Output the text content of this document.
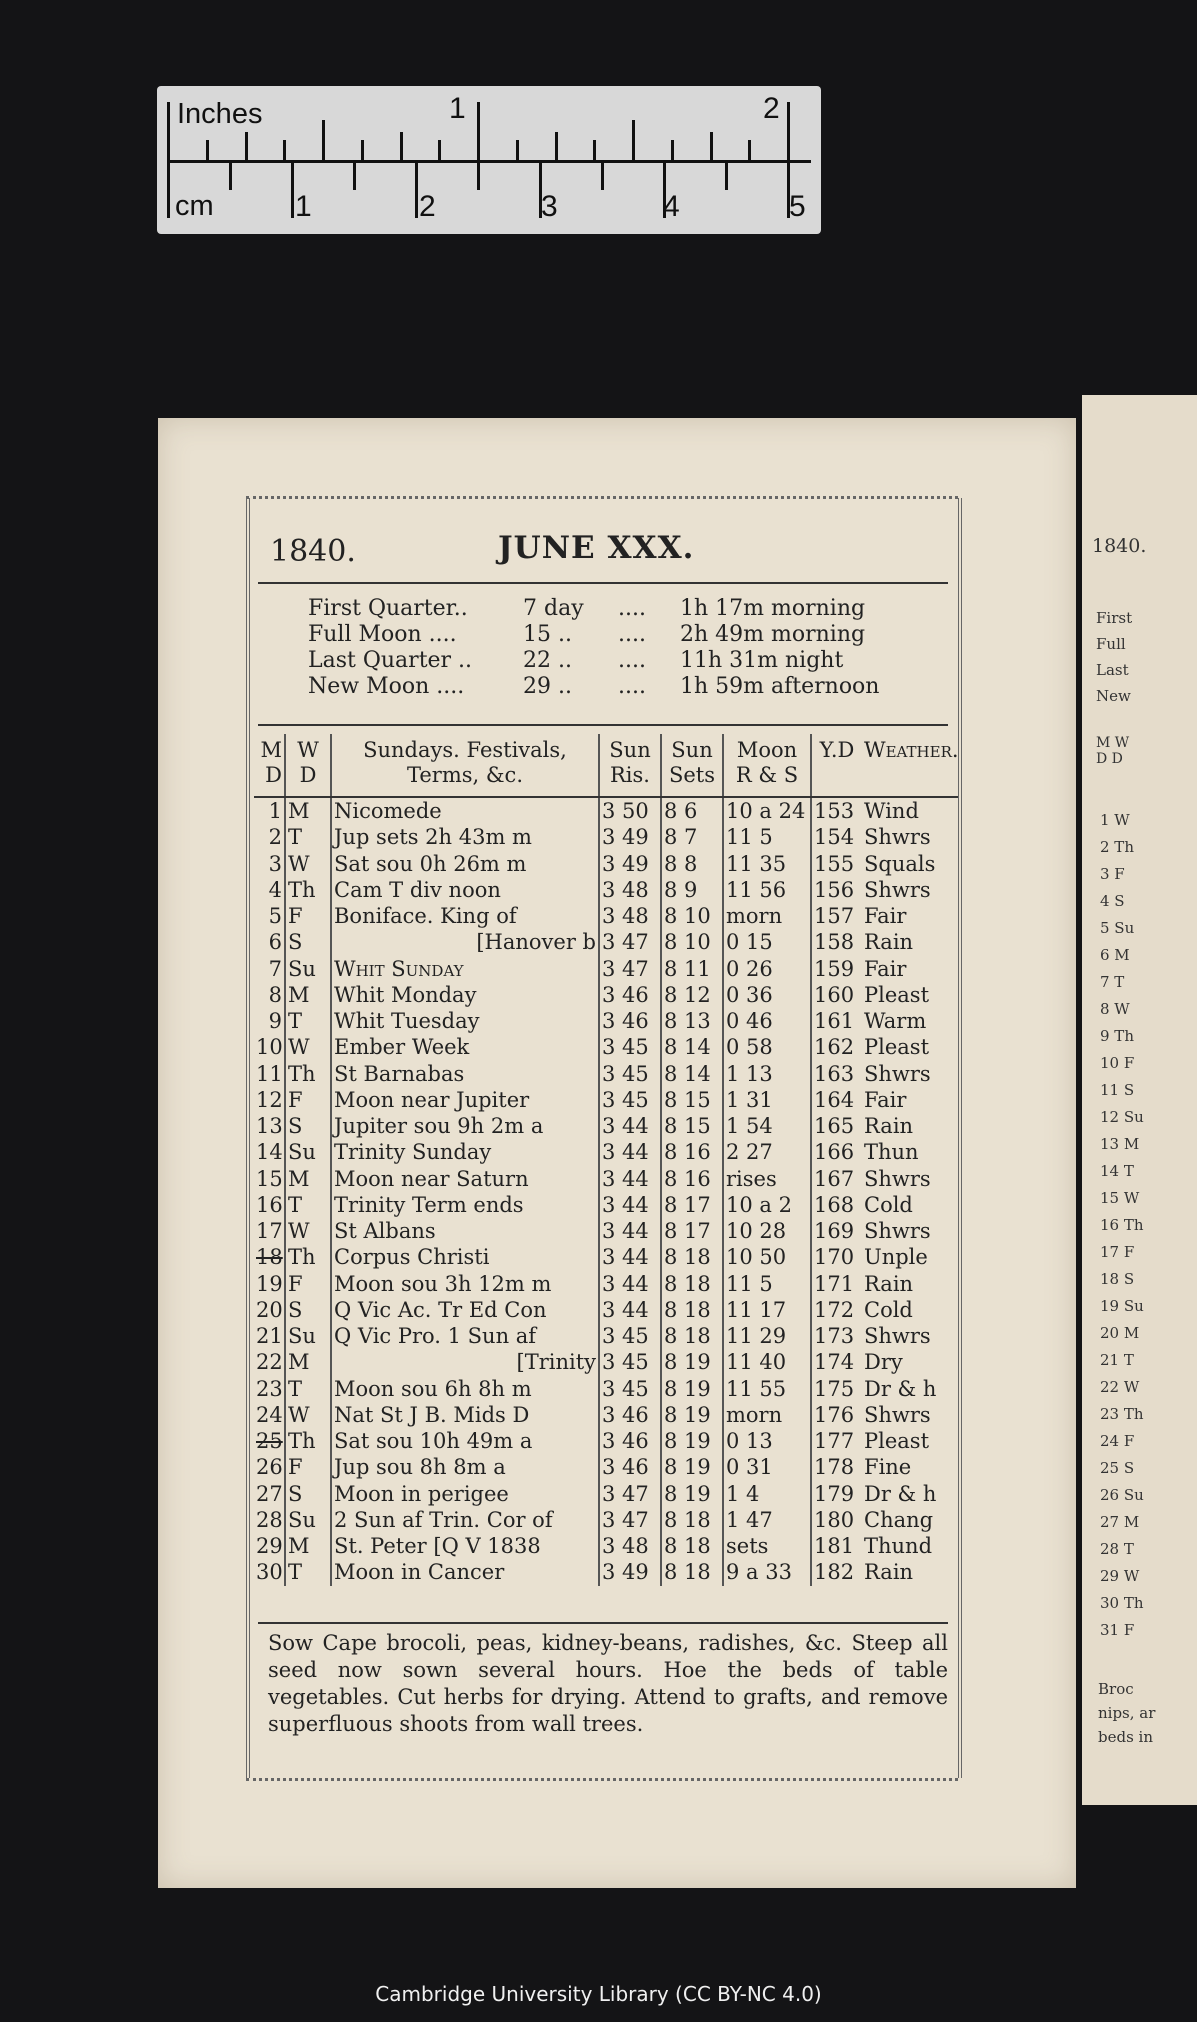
Inches	1	2
cm	1	2	3	4	5
1840.	JUNE XXX.
First Quarter..	7 day .... 1h 17m morning
Full Moon ....	15 .. .... 2h 49m morning
Last Quarter .. 22 .. .... 11h 31m night
New Moon ....	29 .. .... 1h 59m afternoon
M D	W D	Sundays. Festivals, Terms, &c.	Sun Ris.	Sun Sets	Moon R & S	Y.D	Weather.
1	M	Nicomede	3 50	8 6	10 a 24	153	Wind
2	T	Jup sets 2h 43m m	3 49	8 7	11 5	154	Shwrs
3	W	Sat sou 0h 26m m	3 49	8 8	11 35	155	Squals
4	Th	Cam T div noon	3 48	8 9	11 56	156	Shwrs
5	F	Boniface. King of	3 48	8 10	morn	157	Fair
6	S	[Hanover b	3 47	8 10	0 15	158	Rain
7	Su	Whit Sunday	3 47	8 11	0 26	159	Fair
8	M	Whit Monday	3 46	8 12	0 36	160	Pleast
9	T	Whit Tuesday	3 46	8 13	0 46	161	Warm
10	W	Ember Week	3 45	8 14	0 58	162	Pleast
11	Th	St Barnabas	3 45	8 14	1 13	163	Shwrs
12	F	Moon near Jupiter	3 45	8 15	1 31	164	Fair
13	S	Jupiter sou 9h 2m a	3 44	8 15	1 54	165	Rain
14	Su	Trinity Sunday	3 44	8 16	2 27	166	Thun
15	M	Moon near Saturn	3 44	8 16	rises	167	Shwrs
16	T	Trinity Term ends	3 44	8 17	10 a 2	168	Cold
17	W	St Albans	3 44	8 17	10 28	169	Shwrs
18	Th	Corpus Christi	3 44	8 18	10 50	170	Unple
19	F	Moon sou 3h 12m m	3 44	8 18	11 5	171	Rain
20	S	Q Vic Ac. Tr Ed Con	3 44	8 18	11 17	172	Cold
21	Su	Q Vic Pro. 1 Sun af	3 45	8 18	11 29	173	Shwrs
22	M	[Trinity	3 45	8 19	11 40	174	Dry
23	T	Moon sou 6h 8h m	3 45	8 19	11 55	175	Dr & h
24	W	Nat St J B. Mids D	3 46	8 19	morn	176	Shwrs
25	Th	Sat sou 10h 49m a	3 46	8 19	0 13	177	Pleast
26	F	Jup sou 8h 8m a	3 46	8 19	0 31	178	Fine
27	S	Moon in perigee	3 47	8 19	1 4	179	Dr & h
28	Su	2 Sun af Trin. Cor of	3 47	8 18	1 47	180	Chang
29	M	St. Peter [Q V 1838	3 48	8 18	sets	181	Thund
30	T	Moon in Cancer	3 49	8 18	9 a 33	182	Rain
Sow Cape brocoli, peas, kidney-beans, radishes, &c. Steep all seed now sown several hours. Hoe the beds of table vegetables. Cut herbs for drying. Attend to grafts, and remove superfluous shoots from wall trees.
1840.
First
Full
Last
New
M W D D
1 W
2 Th
3 F
4 S
5 Su
6 M
7 T
8 W
9 Th
10 F
11 S
12 Su
13 M
14 T
15 W
16 Th
17 F
18 S
19 Su
20 M
21 T
22 W
23 Th
24 F
25 S
26 Su
27 M
28 T
29 W
30 Th
31 F
Broc
nips, ar
beds in
Cambridge University Library (CC BY-NC 4.0)
